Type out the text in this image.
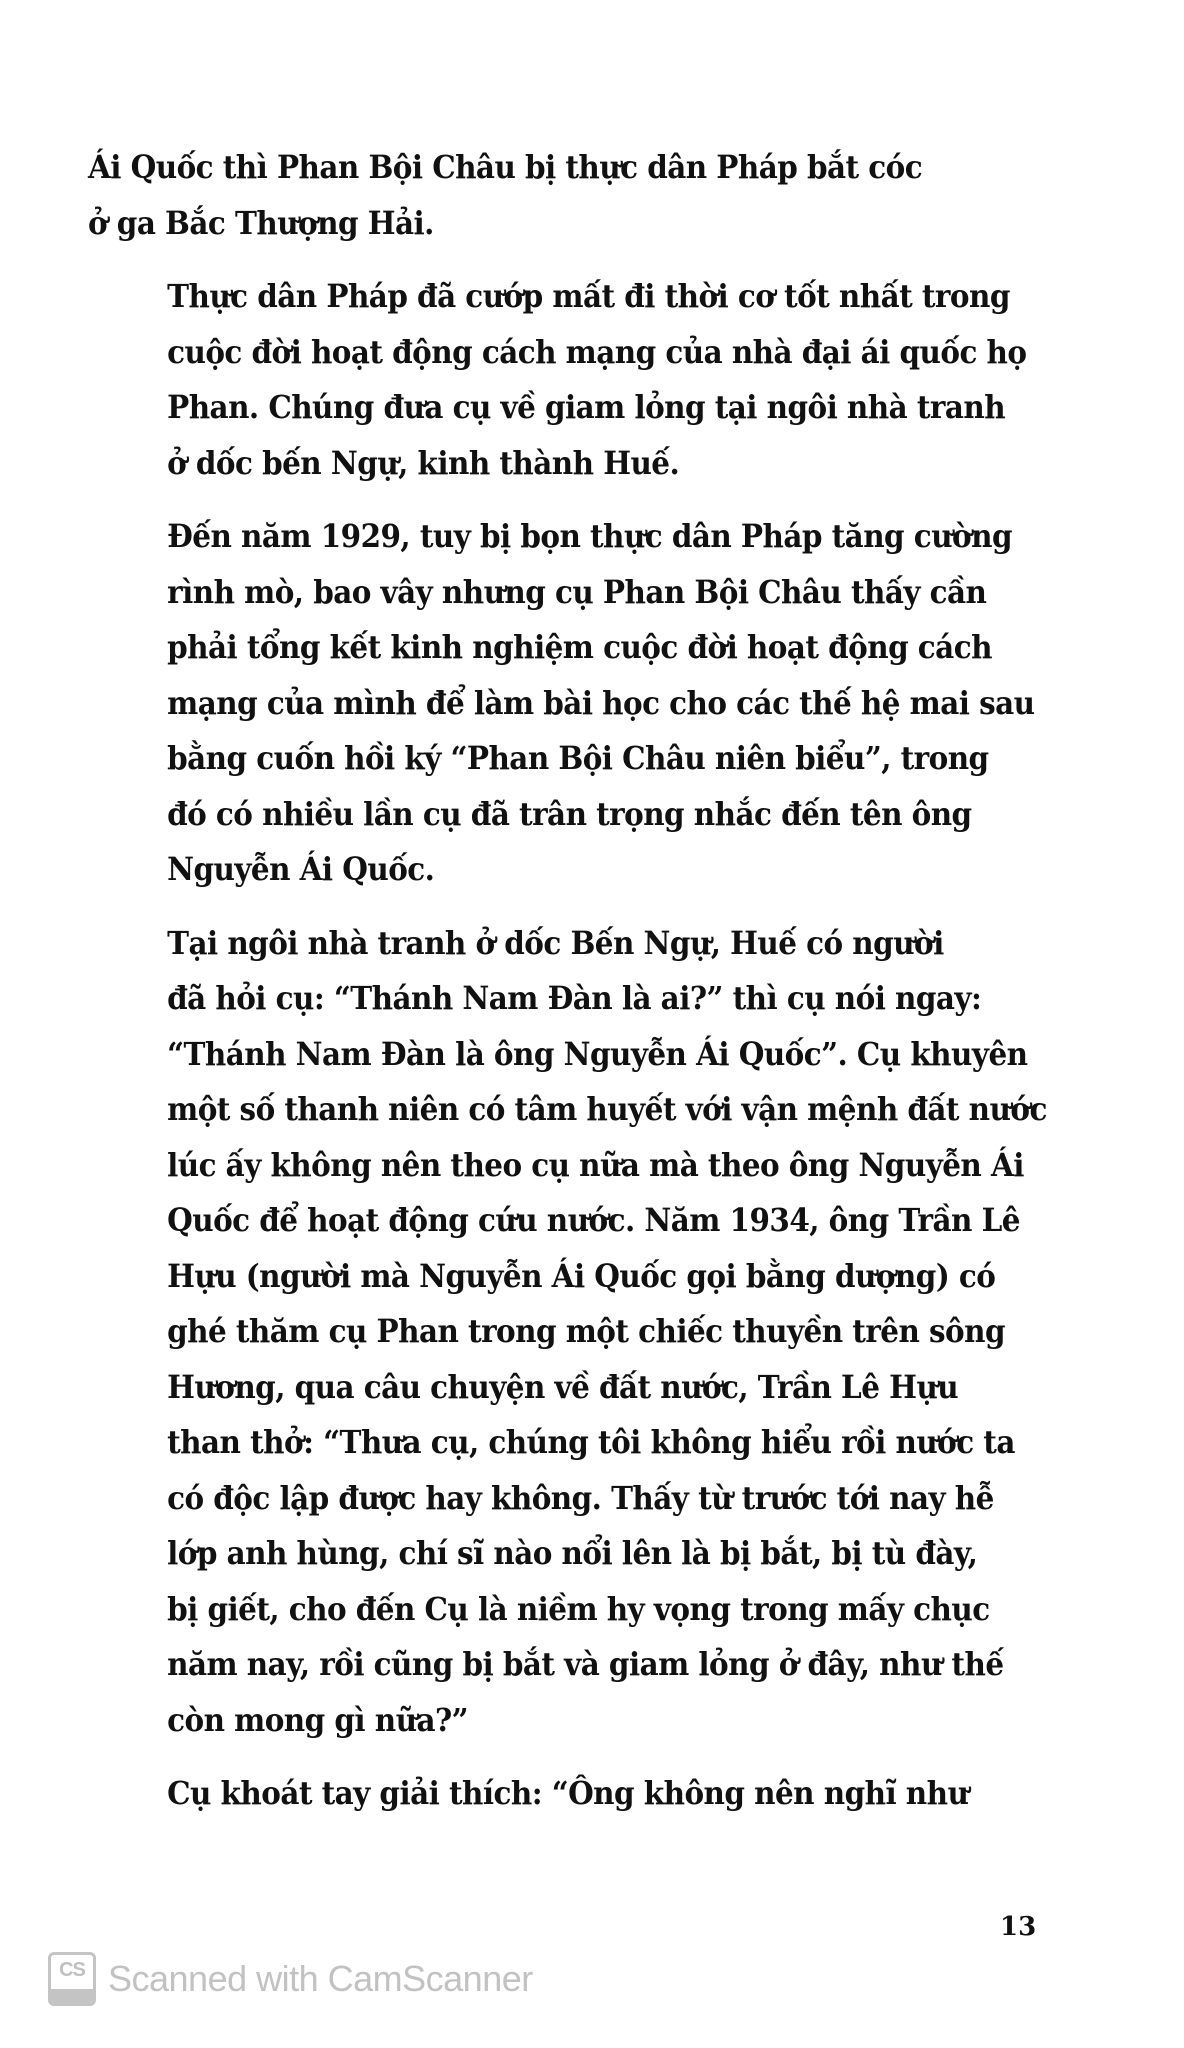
Ái Quốc thì Phan Bội Châu bị thực dân Pháp bắt cóc
ở ga Bắc Thượng Hải.

Thực dân Pháp đã cướp mất đi thời cơ tốt nhất trong
cuộc đời hoạt động cách mạng của nhà đại ái quốc họ
Phan. Chúng đưa cụ về giam lỏng tại ngôi nhà tranh
ở dốc bến Ngự, kinh thành Huế.

Đến năm 1929, tuy bị bọn thực dân Pháp tăng cường
rình mò, bao vây nhưng cụ Phan Bội Châu thấy cần
phải tổng kết kinh nghiệm cuộc đời hoạt động cách
mạng của mình để làm bài học cho các thế hệ mai sau
bằng cuốn hồi ký “Phan Bội Châu niên biểu”, trong
đó có nhiều lần cụ đã trân trọng nhắc đến tên ông
Nguyễn Ái Quốc.

Tại ngôi nhà tranh ở dốc Bến Ngự, Huế có người
đã hỏi cụ: “Thánh Nam Đàn là ai?” thì cụ nói ngay:
“Thánh Nam Đàn là ông Nguyễn Ái Quốc”. Cụ khuyên
một số thanh niên có tâm huyết với vận mệnh đất nước
lúc ấy không nên theo cụ nữa mà theo ông Nguyễn Ái
Quốc để hoạt động cứu nước. Năm 1934, ông Trần Lê
Hựu (người mà Nguyễn Ái Quốc gọi bằng dượng) có
ghé thăm cụ Phan trong một chiếc thuyền trên sông
Hương, qua câu chuyện về đất nước, Trần Lê Hựu
than thở: “Thưa cụ, chúng tôi không hiểu rồi nước ta
có độc lập được hay không. Thấy từ trước tới nay hễ
lớp anh hùng, chí sĩ nào nổi lên là bị bắt, bị tù đày,
bị giết, cho đến Cụ là niềm hy vọng trong mấy chục
năm nay, rồi cũng bị bắt và giam lỏng ở đây, như thế
còn mong gì nữa?”

Cụ khoát tay giải thích: “Ông không nên nghĩ như

13
CS Scanned with CamScanner
